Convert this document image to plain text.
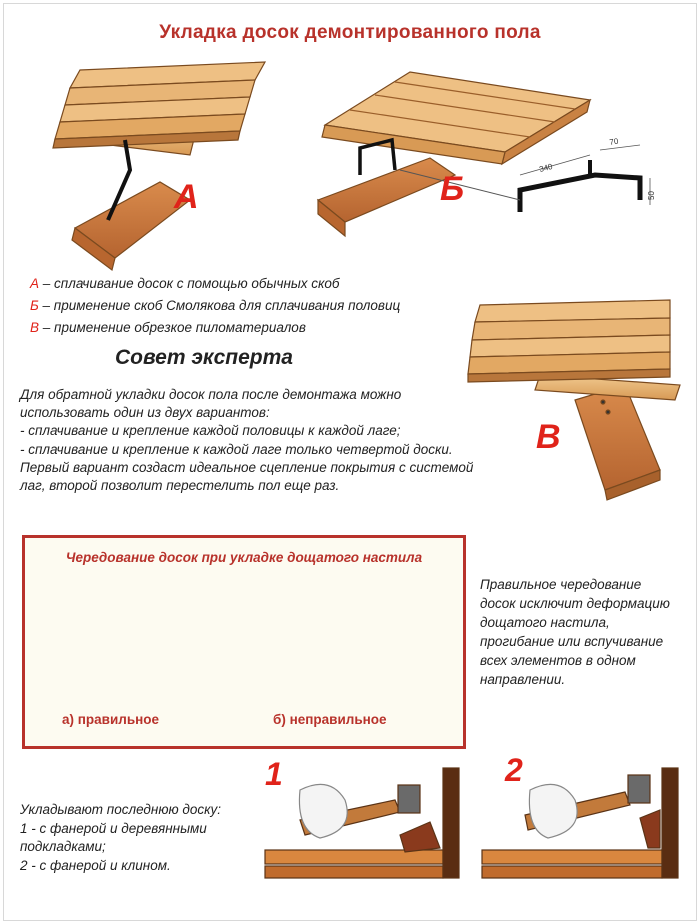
Укладка досок демонтированного пола
340
70
50
А	Б
В
А – сплачивание досок с помощью обычных скоб
Б – применение скоб Смолякова для сплачивания половиц
В – применение обрезкое пиломатериалов
Совет эксперта
Для обратной укладки досок пола после демонтажа можно использовать один из двух вариантов:
- сплачивание и крепление каждой половицы к каждой лаге;
- сплачивание и крепление к каждой лаге только четвертой доски.
Первый вариант создаст идеальное сцепление покрытия с системой лаг, второй позволит перестелить пол еще раз.
Чередование досок при укладке дощатого настила
а) правильное	б) неправильное
Правильное чередование досок исключит деформацию дощатого настила, прогибание или вспучивание всех элементов в одном направлении.
1	2
Укладывают последнюю доску:
1 - с фанерой и деревянными подкладками;
2 - с фанерой и клином.
